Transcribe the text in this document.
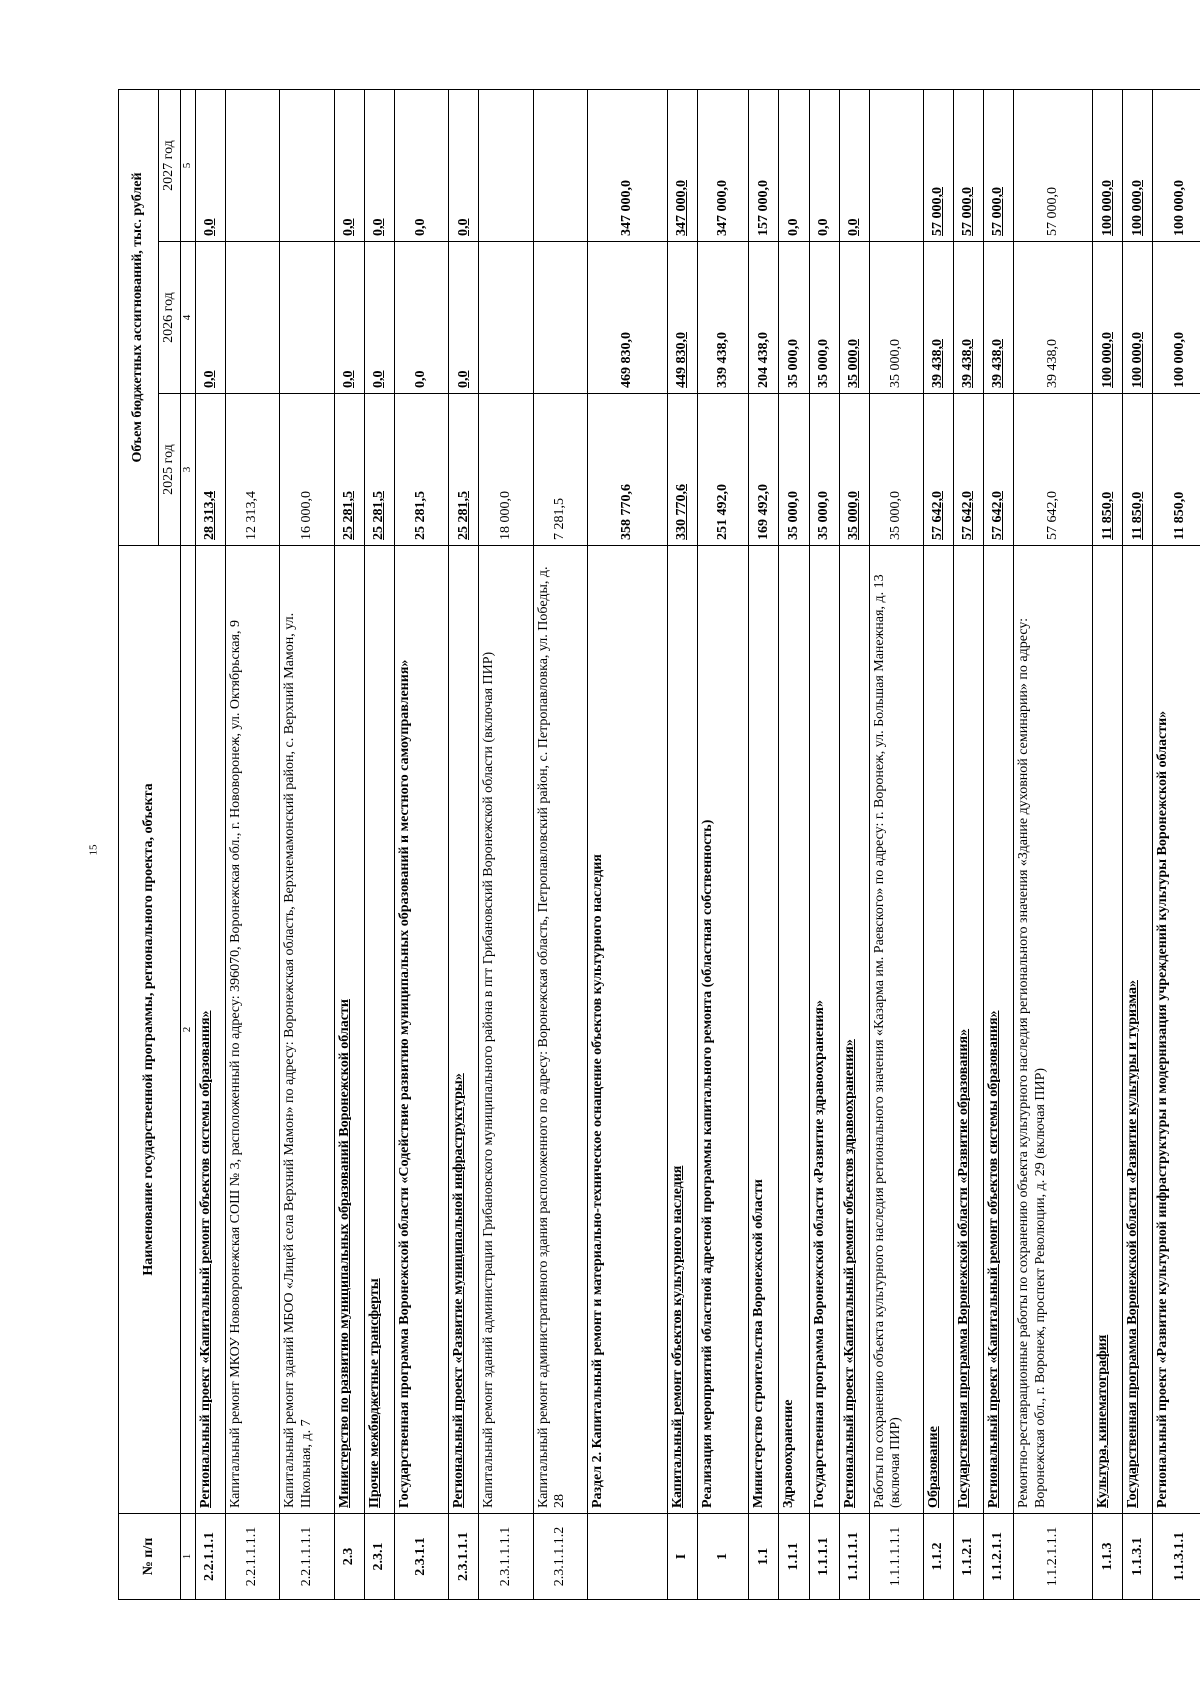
15
№ п/п	Наименование государственной программы, регионального проекта, объекта	Объем бюджетных ассигнований, тыс. рублей		
		2025 год	2026 год	2027 год
1	2	3	4	5
2.2.1.1.1	Региональный проект «Капитальный ремонт объектов системы образования»	28 313,4	0,0	0,0
2.2.1.1.1.1	Капитальный ремонт МКОУ Нововоронежская СОШ № 3, расположенный по адресу: 396070, Воронежская обл., г. Нововоронеж, ул. Октябрьская, 9	12 313,4		
2.2.1.1.1.1	Капитальный ремонт зданий МБОО «Лицей села Верхний Мамон» по адресу: Воронежская область, Верхнемамонский район, с. Верхний Мамон, ул. Школьная, д. 7	16 000,0		
2.3	Министерство по развитию муниципальных образований Воронежской области	25 281,5	0,0	0,0
2.3.1	Прочие межбюджетные трансферты	25 281,5	0,0	0,0
2.3.1.1	Государственная программа Воронежской области «Содействие развитию муниципальных образований и местного самоуправления»	25 281,5	0,0	0,0
2.3.1.1.1	Региональный проект «Развитие муниципальной инфраструктуры»	25 281,5	0,0	0,0
2.3.1.1.1.1	Капитальный ремонт зданий администрации Грибановского муниципального района в пгт Грибановский Воронежской области (включая ПИР)	18 000,0		
2.3.1.1.1.2	Капитальный ремонт административного здания расположенного по адресу: Воронежская область, Петропавловский район, с. Петропавловка, ул. Победы, д. 28	7 281,5		
	Раздел 2. Капитальный ремонт и материально-техническое оснащение объектов культурного наследия	358 770,6	469 830,0	347 000,0
I	Капитальный ремонт объектов культурного наследия	330 770,6	449 830,0	347 000,0
1	Реализация мероприятий областной адресной программы капитального ремонта (областная собственность)	251 492,0	339 438,0	347 000,0
1.1	Министерство строительства Воронежской области	169 492,0	204 438,0	157 000,0
1.1.1	Здравоохранение	35 000,0	35 000,0	0,0
1.1.1.1	Государственная программа Воронежской области «Развитие здравоохранения»	35 000,0	35 000,0	0,0
1.1.1.1.1	Региональный проект «Капитальный ремонт объектов здравоохранения»	35 000,0	35 000,0	0,0
1.1.1.1.1.1	Работы по сохранению объекта культурного наследия регионального значения «Казарма им. Раевского» по адресу: г. Воронеж, ул. Большая Манежная, д. 13 (включая ПИР)	35 000,0	35 000,0	
1.1.2	Образование	57 642,0	39 438,0	57 000,0
1.1.2.1	Государственная программа Воронежской области «Развитие образования»	57 642,0	39 438,0	57 000,0
1.1.2.1.1	Региональный проект «Капитальный ремонт объектов системы образования»	57 642,0	39 438,0	57 000,0
1.1.2.1.1.1	Ремонтно-реставрационные работы по сохранению объекта культурного наследия регионального значения «Здание духовной семинарии» по адресу: Воронежская обл., г. Воронеж, проспект Революции, д. 29 (включая ПИР)	57 642,0	39 438,0	57 000,0
1.1.3	Культура, кинематография	11 850,0	100 000,0	100 000,0
1.1.3.1	Государственная программа Воронежской области «Развитие культуры и туризма»	11 850,0	100 000,0	100 000,0
1.1.3.1.1	Региональный проект «Развитие культурной инфраструктуры и модернизация учреждений культуры Воронежской области»	11 850,0	100 000,0	100 000,0
